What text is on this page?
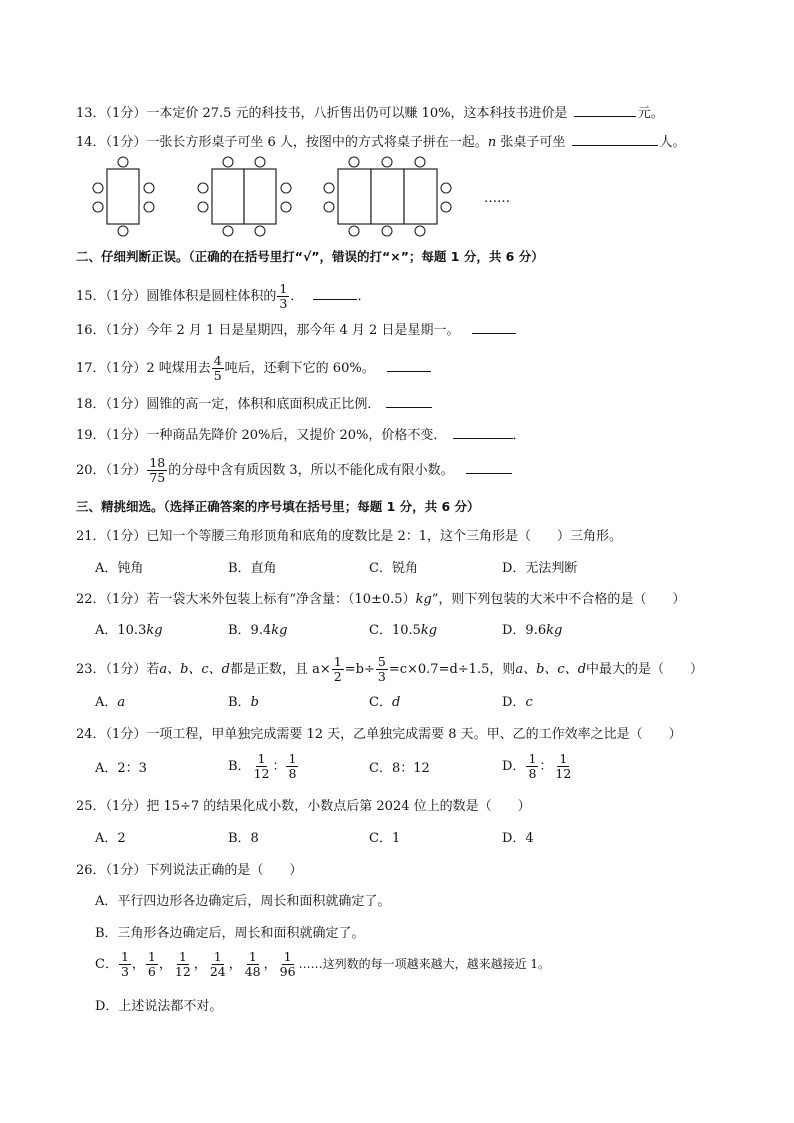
13．（1分）一本定价 27.5 元的科技书，八折售出仍可以赚 10%，这本科技书进价是	元。
14．（1分）一张长方形桌子可坐 6 人，按图中的方式将桌子拼在一起。n 张桌子可坐	人。
……
二、仔细判断正误。（正确的在括号里打“√”，错误的打“×”；每题 1 分，共 6 分）
15．（1分）圆锥体积是圆柱体积的 $\frac{1}{3}$ ．	．
16．（1分）今年 2 月 1 日是星期四，那今年 4 月 2 日是星期一。
17．（1分）2 吨煤用去 $\frac{4}{5}$ 吨后，还剩下它的 60%。
18．（1分）圆锥的高一定，体积和底面积成正比例．
19．（1分）一种商品先降价 20%后，又提价 20%，价格不变．	．
20．（1分） $\frac{18}{75}$ 的分母中含有质因数 3，所以不能化成有限小数。
三、精挑细选。（选择正确答案的序号填在括号里；每题 1 分，共 6 分）
21．（1分）已知一个等腰三角形顶角和底角的度数比是 2：1，这个三角形是（　　）三角形。
A．钝角	B．直角	C．锐角	D．无法判断
22．（1分）若一袋大米外包装上标有“净含量：（10±0.5）kg”，则下列包装的大米中不合格的是（　　）
A．10.3kg	B．9.4kg	C．10.5kg	D．9.6kg
23．（1分）若a、b、c、d都是正数，且 $a\times \frac{1}{2} =b\div \frac{5}{3} =c\times 0.7=d\div 1.5$，则a、b、c、d中最大的是（　　）
A．a	B．b	C．d	D．c
24．（1分）一项工程，甲单独完成需要 12 天，乙单独完成需要 8 天。甲、乙的工作效率之比是（　　）
A．2：3	B． $\frac{1}{12}$ ： $\frac{1}{8}$	C．8：12	D． $\frac{1}{8}$ ： $\frac{1}{12}$
25．（1分）把 15÷7 的结果化成小数，小数点后第 2024 位上的数是（　　）
A．2	B．8	C．1	D．4
26．（1分）下列说法正确的是（　　）
A．平行四边形各边确定后，周长和面积就确定了。
B．三角形各边确定后，周长和面积就确定了。
C． $\frac{1}{3}$ ， $\frac{1}{6}$ ， $\frac{1}{12}$ ， $\frac{1}{24}$ ， $\frac{1}{48}$ ， $\frac{1}{96}$ ……这列数的每一项越来越大，越来越接近 1。
D．上述说法都不对。
